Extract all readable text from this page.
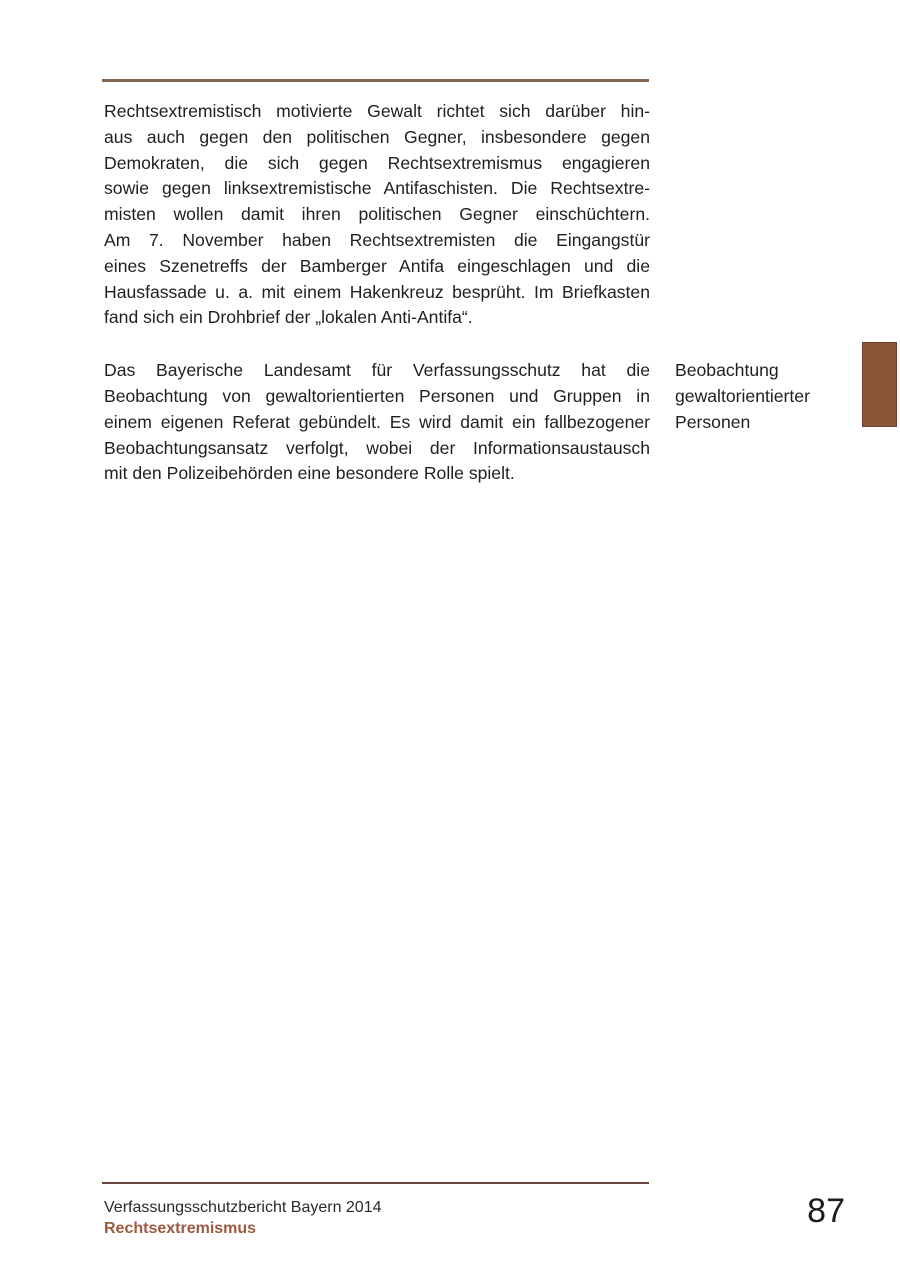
Rechtsextremistisch motivierte Gewalt richtet sich darüber hin-
aus auch gegen den politischen Gegner, insbesondere gegen
Demokraten, die sich gegen Rechtsextremismus engagieren
sowie gegen linksextremistische Antifaschisten. Die Rechtsextre-
misten wollen damit ihren politischen Gegner einschüchtern.
Am 7. November haben Rechtsextremisten die Eingangstür
eines Szenetreffs der Bamberger Antifa eingeschlagen und die
Hausfassade u. a. mit einem Hakenkreuz besprüht. Im Briefkasten
fand sich ein Drohbrief der „lokalen Anti-Antifa“.

Das Bayerische Landesamt für Verfassungsschutz hat die
Beobachtung von gewaltorientierten Personen und Gruppen in
einem eigenen Referat gebündelt. Es wird damit ein fallbezogener
Beobachtungsansatz verfolgt, wobei der Informationsaustausch
mit den Polizeibehörden eine besondere Rolle spielt.

Beobachtung
gewaltorientierter
Personen
Verfassungsschutzbericht Bayern 2014
Rechtsextremismus	87
